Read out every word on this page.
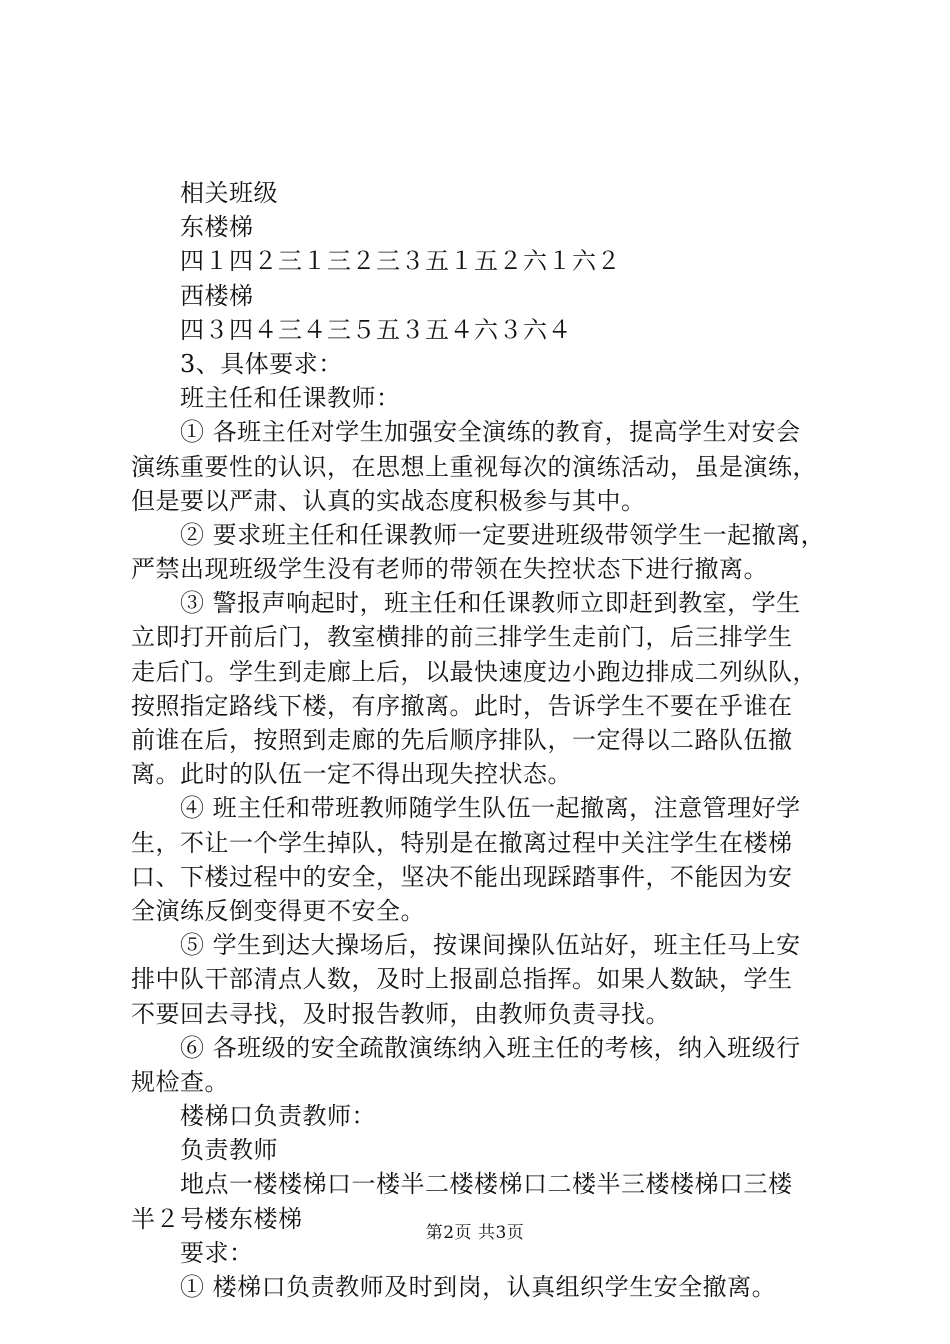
相关班级
东楼梯
四１四２三１三２三３五１五２六１六２
西楼梯
四３四４三４三５五３五４六３六４
3、具体要求：
班主任和任课教师：
① 各班主任对学生加强安全演练的教育，提高学生对安会
演练重要性的认识，在思想上重视每次的演练活动，虽是演练，
但是要以严肃、认真的实战态度积极参与其中。
② 要求班主任和任课教师一定要进班级带领学生一起撤离，
严禁出现班级学生没有老师的带领在失控状态下进行撤离。
③ 警报声响起时，班主任和任课教师立即赶到教室，学生
立即打开前后门，教室横排的前三排学生走前门，后三排学生
走后门。学生到走廊上后，以最快速度边小跑边排成二列纵队，
按照指定路线下楼，有序撤离。此时，告诉学生不要在乎谁在
前谁在后，按照到走廊的先后顺序排队，一定得以二路队伍撤
离。此时的队伍一定不得出现失控状态。
④ 班主任和带班教师随学生队伍一起撤离，注意管理好学
生，不让一个学生掉队，特别是在撤离过程中关注学生在楼梯
口、下楼过程中的安全，坚决不能出现踩踏事件，不能因为安
全演练反倒变得更不安全。
⑤ 学生到达大操场后，按课间操队伍站好，班主任马上安
排中队干部清点人数，及时上报副总指挥。如果人数缺，学生
不要回去寻找，及时报告教师，由教师负责寻找。
⑥ 各班级的安全疏散演练纳入班主任的考核，纳入班级行
规检查。
楼梯口负责教师：
负责教师
地点一楼楼梯口一楼半二楼楼梯口二楼半三楼楼梯口三楼
半２号楼东楼梯
要求：
① 楼梯口负责教师及时到岗，认真组织学生安全撤离。
第2页 共3页
